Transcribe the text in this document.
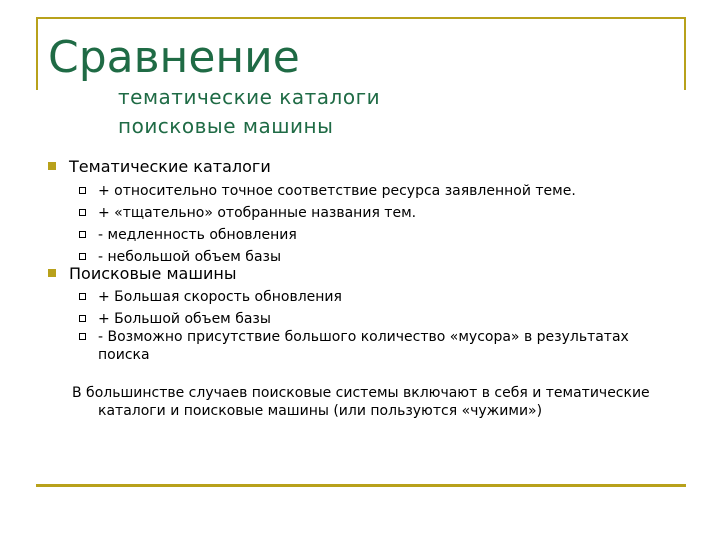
Сравнение
тематические каталоги
поисковые машины
Тематические каталоги
+ относительно точное соответствие ресурса заявленной теме.
+ «тщательно» отобранные названия тем.
- медленность обновления
- небольшой объем базы
Поисковые машины
+ Большая скорость обновления
+ Большой объем базы
- Возможно присутствие большого количество «мусора» в результатах поиска
В большинстве случаев поисковые системы включают в себя и тематические
каталоги и поисковые машины (или пользуются «чужими»)
